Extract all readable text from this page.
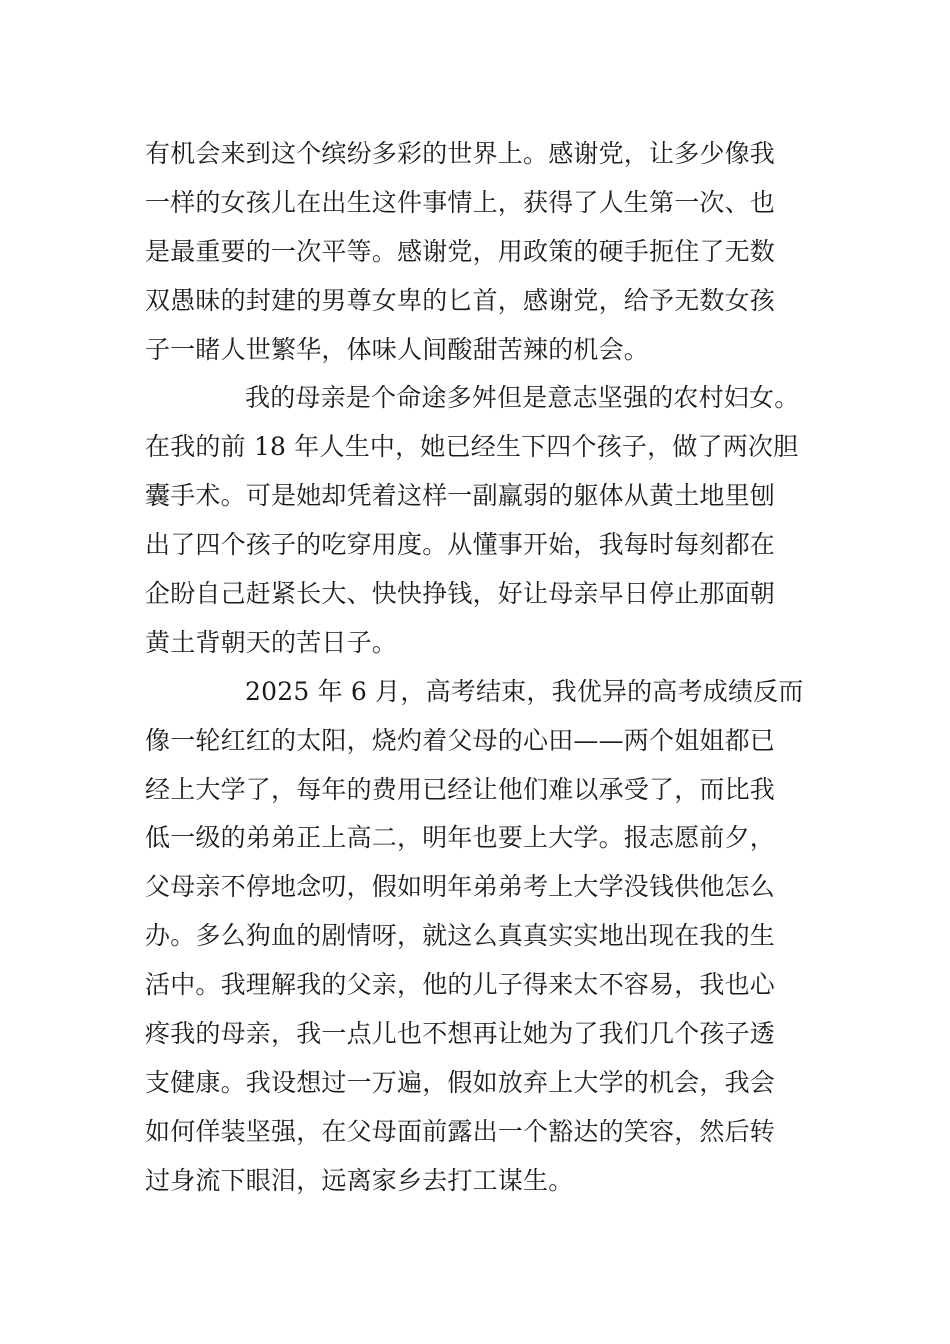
有机会来到这个缤纷多彩的世界上。感谢党，让多少像我
一样的女孩儿在出生这件事情上，获得了人生第一次、也
是最重要的一次平等。感谢党，用政策的硬手扼住了无数
双愚昧的封建的男尊女卑的匕首，感谢党，给予无数女孩
子一睹人世繁华，体味人间酸甜苦辣的机会。
我的母亲是个命途多舛但是意志坚强的农村妇女。
在我的前 18 年人生中，她已经生下四个孩子，做了两次胆
囊手术。可是她却凭着这样一副羸弱的躯体从黄土地里刨
出了四个孩子的吃穿用度。从懂事开始，我每时每刻都在
企盼自己赶紧长大、快快挣钱，好让母亲早日停止那面朝
黄土背朝天的苦日子。
2025 年 6 月，高考结束，我优异的高考成绩反而
像一轮红红的太阳，烧灼着父母的心田——两个姐姐都已
经上大学了，每年的费用已经让他们难以承受了，而比我
低一级的弟弟正上高二，明年也要上大学。报志愿前夕，
父母亲不停地念叨，假如明年弟弟考上大学没钱供他怎么
办。多么狗血的剧情呀，就这么真真实实地出现在我的生
活中。我理解我的父亲，他的儿子得来太不容易，我也心
疼我的母亲，我一点儿也不想再让她为了我们几个孩子透
支健康。我设想过一万遍，假如放弃上大学的机会，我会
如何佯装坚强，在父母面前露出一个豁达的笑容，然后转
过身流下眼泪，远离家乡去打工谋生。
